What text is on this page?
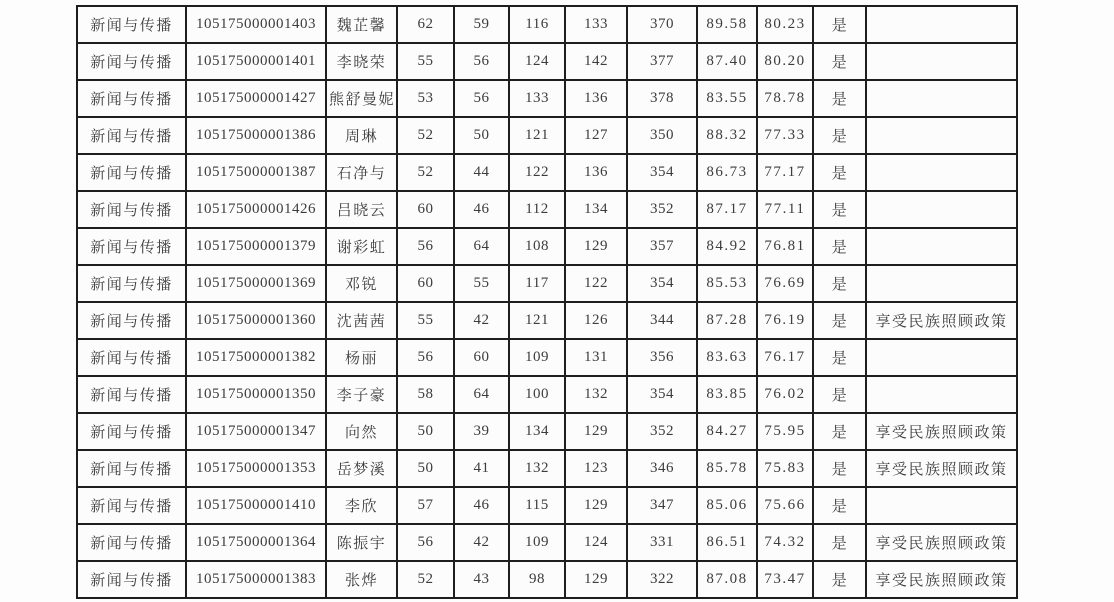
新闻与传播	105175000001403	魏芷馨	62	59	116	133	370	89.58	80.23	是	
新闻与传播	105175000001401	李晓荣	55	56	124	142	377	87.40	80.20	是	
新闻与传播	105175000001427	熊舒曼妮	53	56	133	136	378	83.55	78.78	是	
新闻与传播	105175000001386	周琳	52	50	121	127	350	88.32	77.33	是	
新闻与传播	105175000001387	石净与	52	44	122	136	354	86.73	77.17	是	
新闻与传播	105175000001426	吕晓云	60	46	112	134	352	87.17	77.11	是	
新闻与传播	105175000001379	谢彩虹	56	64	108	129	357	84.92	76.81	是	
新闻与传播	105175000001369	邓锐	60	55	117	122	354	85.53	76.69	是	
新闻与传播	105175000001360	沈茜茜	55	42	121	126	344	87.28	76.19	是	享受民族照顾政策
新闻与传播	105175000001382	杨丽	56	60	109	131	356	83.63	76.17	是	
新闻与传播	105175000001350	李子豪	58	64	100	132	354	83.85	76.02	是	
新闻与传播	105175000001347	向然	50	39	134	129	352	84.27	75.95	是	享受民族照顾政策
新闻与传播	105175000001353	岳梦溪	50	41	132	123	346	85.78	75.83	是	享受民族照顾政策
新闻与传播	105175000001410	李欣	57	46	115	129	347	85.06	75.66	是	
新闻与传播	105175000001364	陈振宇	56	42	109	124	331	86.51	74.32	是	享受民族照顾政策
新闻与传播	105175000001383	张烨	52	43	98	129	322	87.08	73.47	是	享受民族照顾政策
